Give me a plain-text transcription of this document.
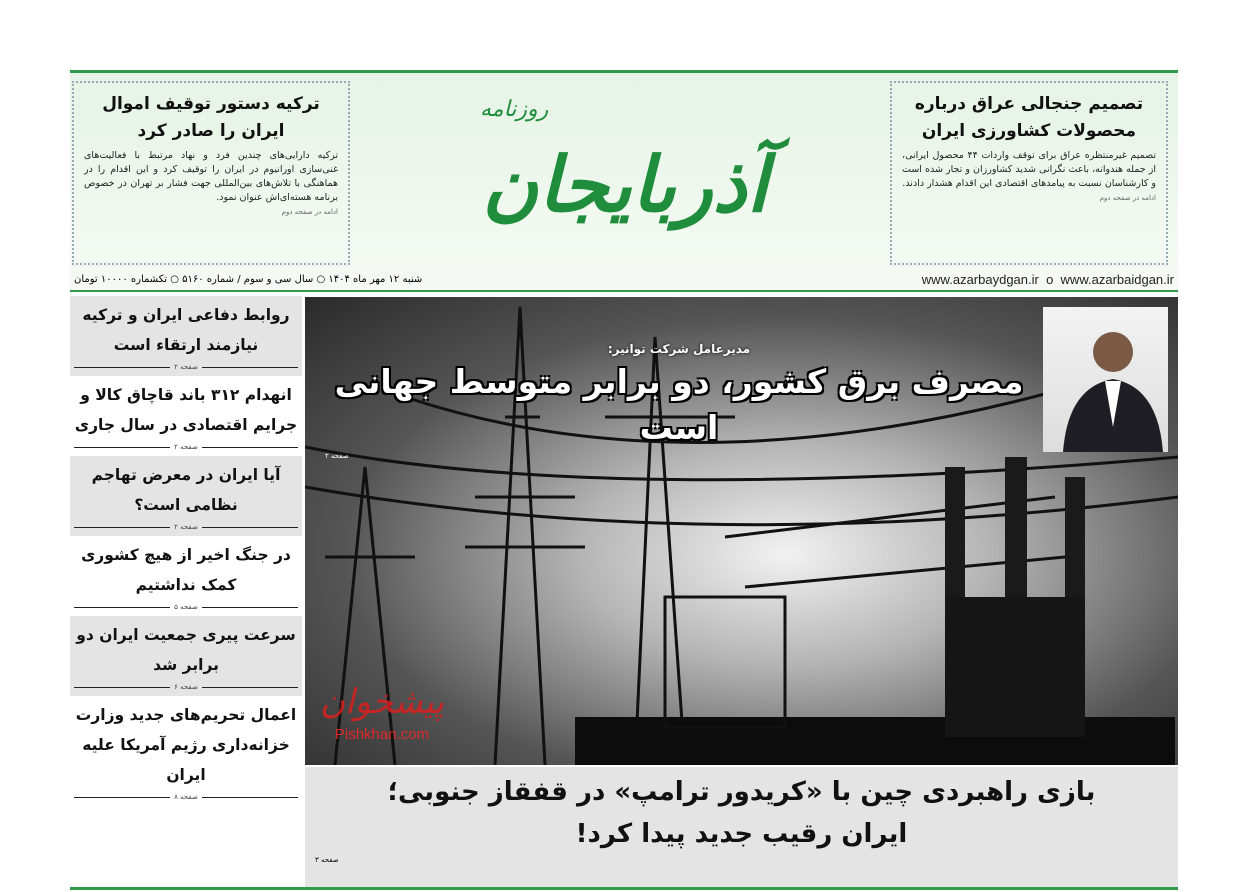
تصمیم جنجالی عراق درباره محصولات کشاورزی ایران

تصمیم غیرمنتظره عراق برای توقف واردات ۴۴ محصول ایرانی، از جمله هندوانه، باعث نگرانی شدید کشاورزان و تجار شده است و کارشناسان نسبت به پیامدهای اقتصادی این اقدام هشدار دادند.

ادامه در صفحه دوم
ترکیه دستور توقیف اموال ایران را صادر کرد

ترکیه دارایی‌های چندین فرد و نهاد مرتبط با فعالیت‌های غنی‌سازی اورانیوم در ایران را توقیف کرد و این اقدام را در هماهنگی با تلاش‌های بین‌المللی جهت فشار بر تهران در خصوص برنامه هسته‌ای‌اش عنوان نمود.

ادامه در صفحه دوم
روزنامه
آذربایجان
www.azarbaydgan.ir o www.azarbaidgan.ir
شنبه ۱۲ مهر ماه ۱۴۰۴ ○ سال سی و سوم / شماره ۵۱۶۰ ○ تکشماره ۱۰۰۰۰ تومان
روابط دفاعی ایران و ترکیه نیازمند ارتقاء است
صفحه ۲
انهدام ۳۱۲ باند قاچاق کالا و جرایم اقتصادی در سال جاری
صفحه ۲
آیا ایران در معرض تهاجم نظامی است؟
صفحه ۲
در جنگ اخیر از هیچ کشوری کمک نداشتیم
صفحه ۵
سرعت پیری جمعیت ایران دو برابر شد
صفحه ۶
اعمال تحریم‌های جدید وزارت خزانه‌داری رژیم آمریکا علیه ایران
صفحه ۸
مدیرعامل شرکت توانیر:
مصرف برق کشور، دو برابر متوسط جهانی است
صفحه ۲
پیشخوان
Pishkhan.com
بازی راهبردی چین با «کریدور ترامپ» در قفقاز جنوبی؛
ایران رقیب جدید پیدا کرد!
صفحه ۳
